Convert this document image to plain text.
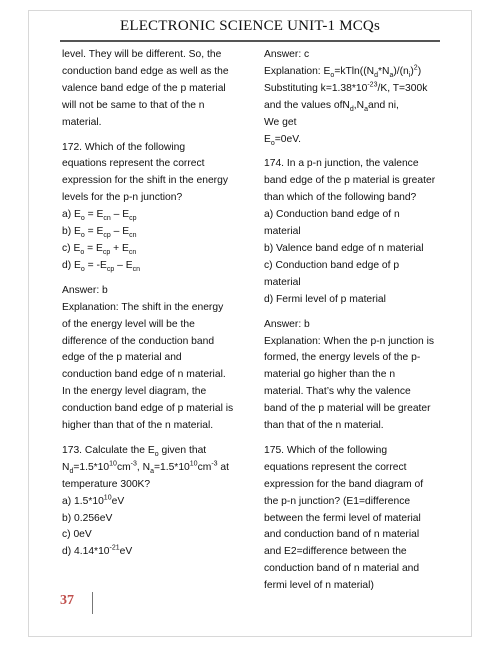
ELECTRONIC SCIENCE UNIT-1 MCQs

level. They will be different. So, the
conduction band edge as well as the
valence band edge of the p material
will not be same to that of the n
material.

172. Which of the following
equations represent the correct
expression for the shift in the energy
levels for the p-n junction?
a) $E_o = E_{cn} - E_{cp}$
b) $E_o = E_{cp} - E_{cn}$
c) $E_o = E_{cp} + E_{cn}$
d) $E_o = -E_{cp} - E_{cn}$

Answer: b
Explanation: The shift in the energy
of the energy level will be the
difference of the conduction band
edge of the p material and
conduction band edge of n material.
In the energy level diagram, the
conduction band edge of p material is
higher than that of the n material.

173. Calculate the $E_o$ given that
$N_d=1.5*10^{10}cm^{-3}$, $N_a=1.5*10^{10}cm^{-3}$ at
temperature 300K?
a) $1.5*10^{10}eV$
b) 0.256eV
c) 0eV
d) $4.14*10^{-21}eV$

Answer: c
Explanation: $E_o=kTln((N_d*N_a)/(n_i)^2)$
Substituting $k=1.38*10^{-23}/K$, T=300k
and the values $ofN_d,N_aand$ ni,
We get
$E_o=0eV$.

174. In a p-n junction, the valence
band edge of the p material is greater
than which of the following band?
a) Conduction band edge of n
material
b) Valence band edge of n material
c) Conduction band edge of p
material
d) Fermi level of p material

Answer: b
Explanation: When the p-n junction is
formed, the energy levels of the p-
material go higher than the n
material. That’s why the valence
band of the p material will be greater
than that of the n material.

175. Which of the following
equations represent the correct
expression for the band diagram of
the p-n junction? (E1=difference
between the fermi level of material
and conduction band of n material
and E2=difference between the
conduction band of n material and
fermi level of n material)

37
